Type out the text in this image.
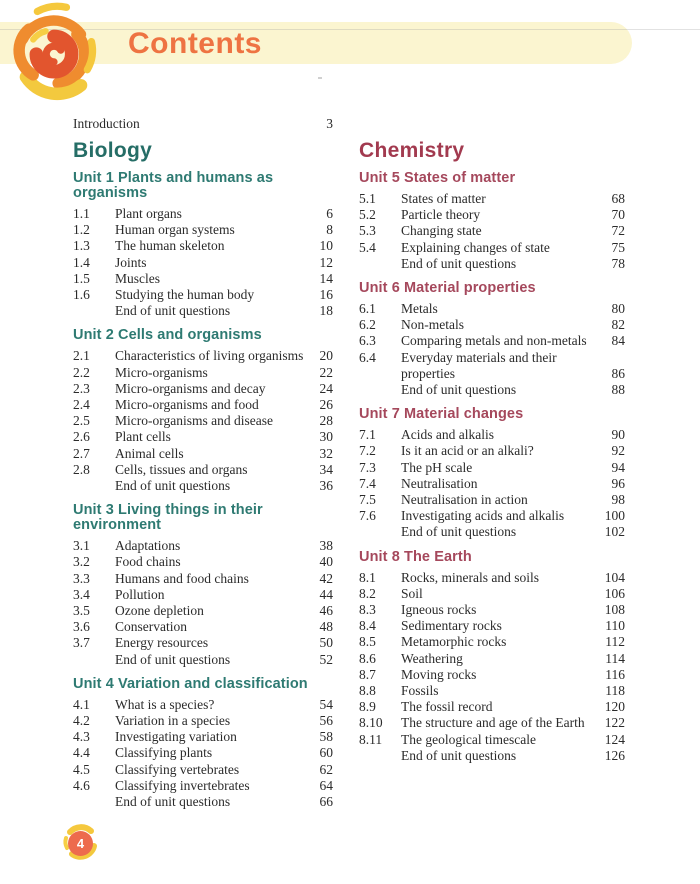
Contents
Introduction	3
Biology
Unit 1 Plants and humans as organisms
1.1	Plant organs	6
1.2	Human organ systems	8
1.3	The human skeleton	10
1.4	Joints	12
1.5	Muscles	14
1.6	Studying the human body	16
End of unit questions	18
Unit 2 Cells and organisms
2.1	Characteristics of living organisms	20
2.2	Micro-organisms	22
2.3	Micro-organisms and decay	24
2.4	Micro-organisms and food	26
2.5	Micro-organisms and disease	28
2.6	Plant cells	30
2.7	Animal cells	32
2.8	Cells, tissues and organs	34
End of unit questions	36
Unit 3 Living things in their environment
3.1	Adaptations	38
3.2	Food chains	40
3.3	Humans and food chains	42
3.4	Pollution	44
3.5	Ozone depletion	46
3.6	Conservation	48
3.7	Energy resources	50
End of unit questions	52
Unit 4 Variation and classification
4.1	What is a species?	54
4.2	Variation in a species	56
4.3	Investigating variation	58
4.4	Classifying plants	60
4.5	Classifying vertebrates	62
4.6	Classifying invertebrates	64
End of unit questions	66
Chemistry
Unit 5 States of matter
5.1	States of matter	68
5.2	Particle theory	70
5.3	Changing state	72
5.4	Explaining changes of state	75
End of unit questions	78
Unit 6 Material properties
6.1	Metals	80
6.2	Non-metals	82
6.3	Comparing metals and non-metals	84
6.4	Everyday materials and their
properties	86
End of unit questions	88
Unit 7 Material changes
7.1	Acids and alkalis	90
7.2	Is it an acid or an alkali?	92
7.3	The pH scale	94
7.4	Neutralisation	96
7.5	Neutralisation in action	98
7.6	Investigating acids and alkalis	100
End of unit questions	102
Unit 8 The Earth
8.1	Rocks, minerals and soils	104
8.2	Soil	106
8.3	Igneous rocks	108
8.4	Sedimentary rocks	110
8.5	Metamorphic rocks	112
8.6	Weathering	114
8.7	Moving rocks	116
8.8	Fossils	118
8.9	The fossil record	120
8.10	The structure and age of the Earth	122
8.11	The geological timescale	124
End of unit questions	126
4
